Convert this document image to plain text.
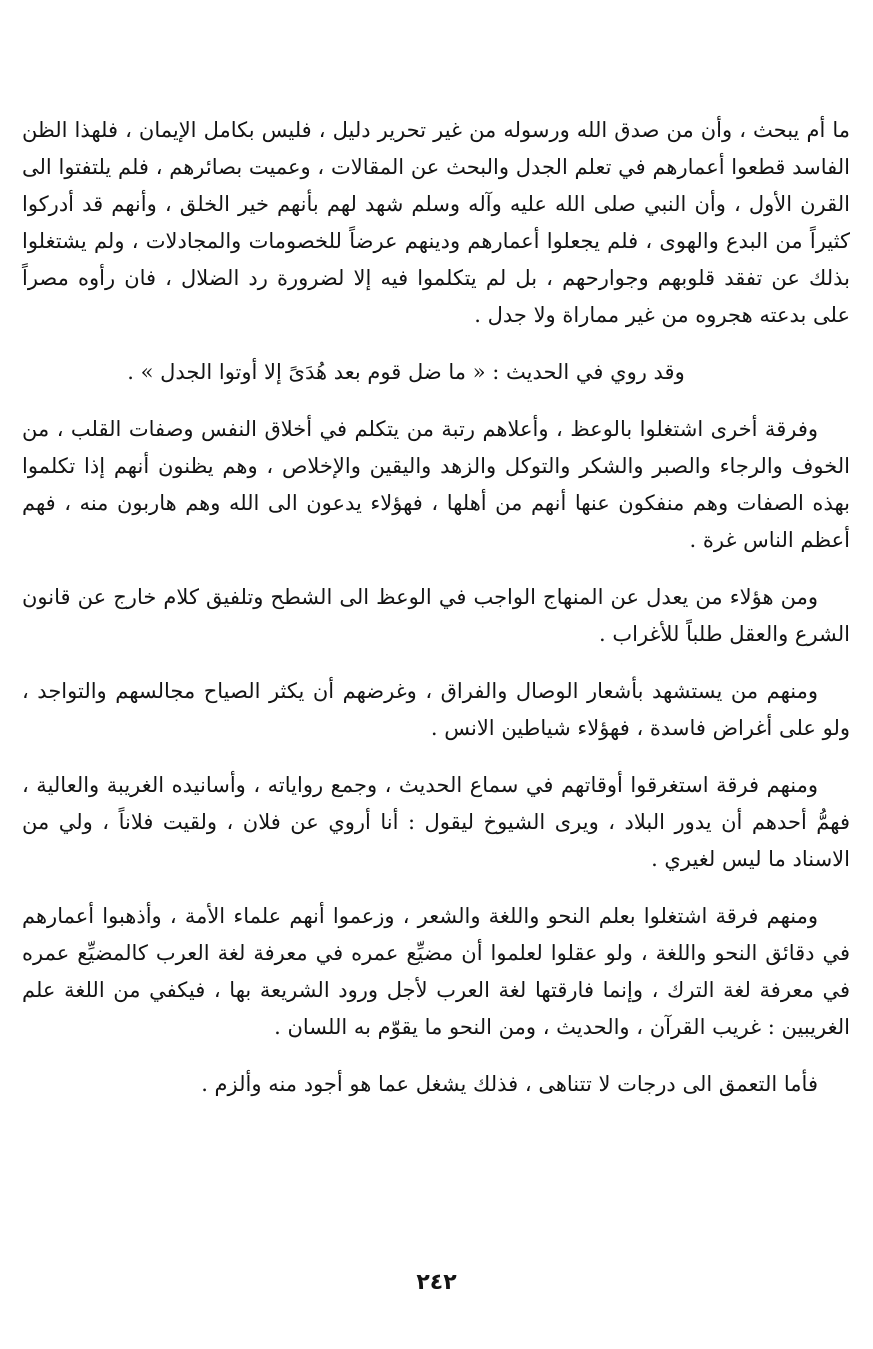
ما أم يبحث ، وأن من صدق الله ورسوله من غير تحرير دليل ، فليس بكامل الإيمان ، فلهذا الظن الفاسد قطعوا أعمارهم في تعلم الجدل والبحث عن المقالات ، وعميت بصائرهم ، فلم يلتفتوا الى القرن الأول ، وأن النبي صلى الله عليه وآله وسلم شهد لهم بأنهم خير الخلق ، وأنهم قد أدركوا كثيراً من البدع والهوى ، فلم يجعلوا أعمارهم ودينهم عرضاً للخصومات والمجادلات ، ولم يشتغلوا بذلك عن تفقد قلوبهم وجوارحهم ، بل لم يتكلموا فيه إلا لضرورة رد الضلال ، فان رأوه مصراً على بدعته هجروه من غير مماراة ولا جدل .

وقد روي في الحديث : « ما ضل قوم بعد هُدَىً إلا أوتوا الجدل » .

وفرقة أخرى اشتغلوا بالوعظ ، وأعلاهم رتبة من يتكلم في أخلاق النفس وصفات القلب ، من الخوف والرجاء والصبر والشكر والتوكل والزهد واليقين والإخلاص ، وهم يظنون أنهم إذا تكلموا بهذه الصفات وهم منفكون عنها أنهم من أهلها ، فهؤلاء يدعون الى الله وهم هاربون منه ، فهم أعظم الناس غرة .

ومن هؤلاء من يعدل عن المنهاج الواجب في الوعظ الى الشطح وتلفيق كلام خارج عن قانون الشرع والعقل طلباً للأغراب .

ومنهم من يستشهد بأشعار الوصال والفراق ، وغرضهم أن يكثر الصياح مجالسهم والتواجد ، ولو على أغراض فاسدة ، فهؤلاء شياطين الانس .

ومنهم فرقة استغرقوا أوقاتهم في سماع الحديث ، وجمع رواياته ، وأسانيده الغريبة والعالية ، فهمُّ أحدهم أن يدور البلاد ، ويرى الشيوخ ليقول : أنا أروي عن فلان ، ولقيت فلاناً ، ولي من الاسناد ما ليس لغيري .

ومنهم فرقة اشتغلوا بعلم النحو واللغة والشعر ، وزعموا أنهم علماء الأمة ، وأذهبوا أعمارهم في دقائق النحو واللغة ، ولو عقلوا لعلموا أن مضيِّع عمره في معرفة لغة العرب كالمضيِّع عمره في معرفة لغة الترك ، وإنما فارقتها لغة العرب لأجل ورود الشريعة بها ، فيكفي من اللغة علم الغريبين : غريب القرآن ، والحديث ، ومن النحو ما يقوّم به اللسان .

فأما التعمق الى درجات لا تتناهى ، فذلك يشغل عما هو أجود منه وألزم .

٢٤٢
